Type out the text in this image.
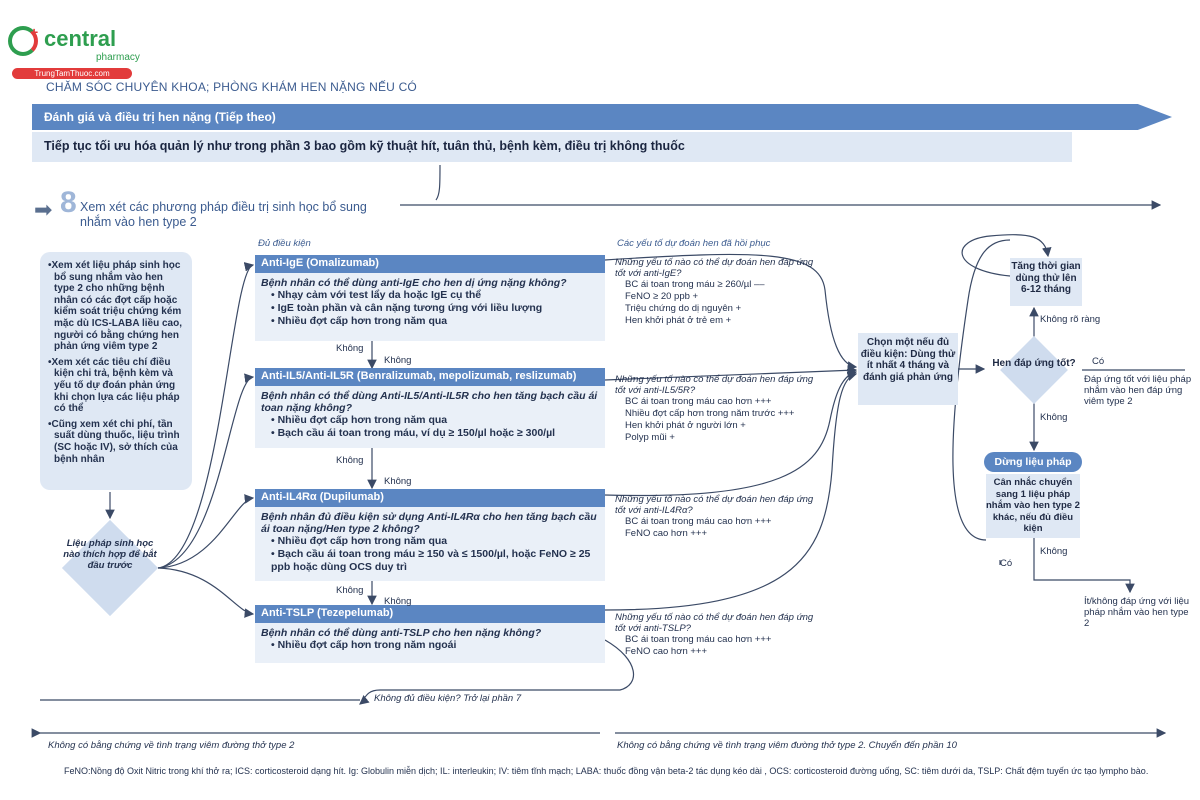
+ central
pharmacy
TrungTamThuoc.com
CHĂM SÓC CHUYÊN KHOA; PHÒNG KHÁM HEN NẶNG NẾU CÓ
Đánh giá và điều trị hen nặng (Tiếp theo)
Tiếp tục tối ưu hóa quản lý như trong phần 3 bao gồm kỹ thuật hít, tuân thủ, bệnh kèm, điều trị không thuốc
➡ 8 Xem xét các phương pháp điều trị sinh học bổ sung nhắm vào hen type 2
Đủ điều kiện	Các yếu tố dự đoán hen đã hồi phục
•Xem xét liệu pháp sinh học bổ sung nhắm vào hen type 2 cho những bệnh nhân có các đợt cấp hoặc kiểm soát triệu chứng kém mặc dù ICS-LABA liều cao, người có bằng chứng hen phản ứng viêm type 2
•Xem xét các tiêu chí điều kiện chi trả, bệnh kèm và yếu tố dự đoán phản ứng khi chọn lựa các liệu pháp có thể
•Cũng xem xét chi phí, tần suất dùng thuốc, liệu trình (SC hoặc IV), sở thích của bệnh nhân
Liệu pháp sinh học nào thích hợp để bắt đầu trước
Anti-IgE (Omalizumab)
Bệnh nhân có thể dùng anti-IgE cho hen dị ứng nặng không?
• Nhạy cảm với test lẩy da hoặc IgE cụ thể
• IgE toàn phần và cân nặng tương ứng với liều lượng
• Nhiều đợt cấp hơn trong năm qua
Anti-IL5/Anti-IL5R (Benralizumab, mepolizumab, reslizumab)
Bệnh nhân có thể dùng Anti-IL5/Anti-IL5R cho hen tăng bạch cầu ái toan nặng không?
• Nhiều đợt cấp hơn trong năm qua
• Bạch cầu ái toan trong máu, ví dụ ≥ 150/µl hoặc ≥ 300/µl
Anti-IL4Rα (Dupilumab)
Bệnh nhân đủ điều kiện sử dụng Anti-IL4Rα cho hen tăng bạch cầu ái toan nặng/Hen type 2 không?
• Nhiều đợt cấp hơn trong năm qua
• Bạch cầu ái toan trong máu ≥ 150 và ≤ 1500/µl, hoặc FeNO ≥ 25 ppb hoặc dùng OCS duy trì
Anti-TSLP (Tezepelumab)
Bệnh nhân có thể dùng anti-TSLP cho hen nặng không?
• Nhiều đợt cấp hơn trong năm ngoái
Không
Không
Không
Không
Không
Không
Những yếu tố nào có thể dự đoán hen đáp ứng tốt với anti-IgE?
BC ái toan trong máu ≥ 260/µl ––
FeNO ≥ 20 ppb +
Triệu chứng do dị nguyên +
Hen khởi phát ở trẻ em +
Những yếu tố nào có thể dự đoán hen đáp ứng tốt với anti-IL5/5R?
BC ái toan trong máu cao hơn +++
Nhiều đợt cấp hơn trong năm trước +++
Hen khởi phát ở người lớn +
Polyp mũi +
Những yếu tố nào có thể dự đoán hen đáp ứng tốt với anti-IL4Rα?
BC ái toan trong máu cao hơn +++
FeNO cao hơn +++
Những yếu tố nào có thể dự đoán hen đáp ứng tốt với anti-TSLP?
BC ái toan trong máu cao hơn +++
FeNO cao hơn +++
Chọn một nếu đủ điều kiện: Dùng thử ít nhất 4 tháng và đánh giá phản ứng
Tăng thời gian dùng thử lên 6-12 tháng
Không rõ ràng
Hen đáp ứng tốt?	Có
Đáp ứng tốt với liệu pháp nhắm vào hen đáp ứng viêm type 2
Không
Dừng liệu pháp
Cân nhắc chuyển sang 1 liệu pháp nhắm vào hen type 2 khác, nếu đủ điều kiện
Không
Có
Ít/không đáp ứng với liệu pháp nhắm vào hen type 2
Không đủ điều kiện? Trở lại phần 7
Không có bằng chứng về tình trạng viêm đường thở type 2	Không có bằng chứng về tình trạng viêm đường thở type 2. Chuyển đến phần 10
FeNO:Nồng độ Oxit Nitric trong khí thở ra; ICS: corticosteroid dạng hít. Ig: Globulin miễn dịch; IL: interleukin; IV: tiêm tĩnh mạch; LABA: thuốc đồng vận beta-2 tác dụng kéo dài , OCS: corticosteroid đường uống, SC: tiêm dưới da, TSLP: Chất đệm tuyến ức tạo lympho bào.
